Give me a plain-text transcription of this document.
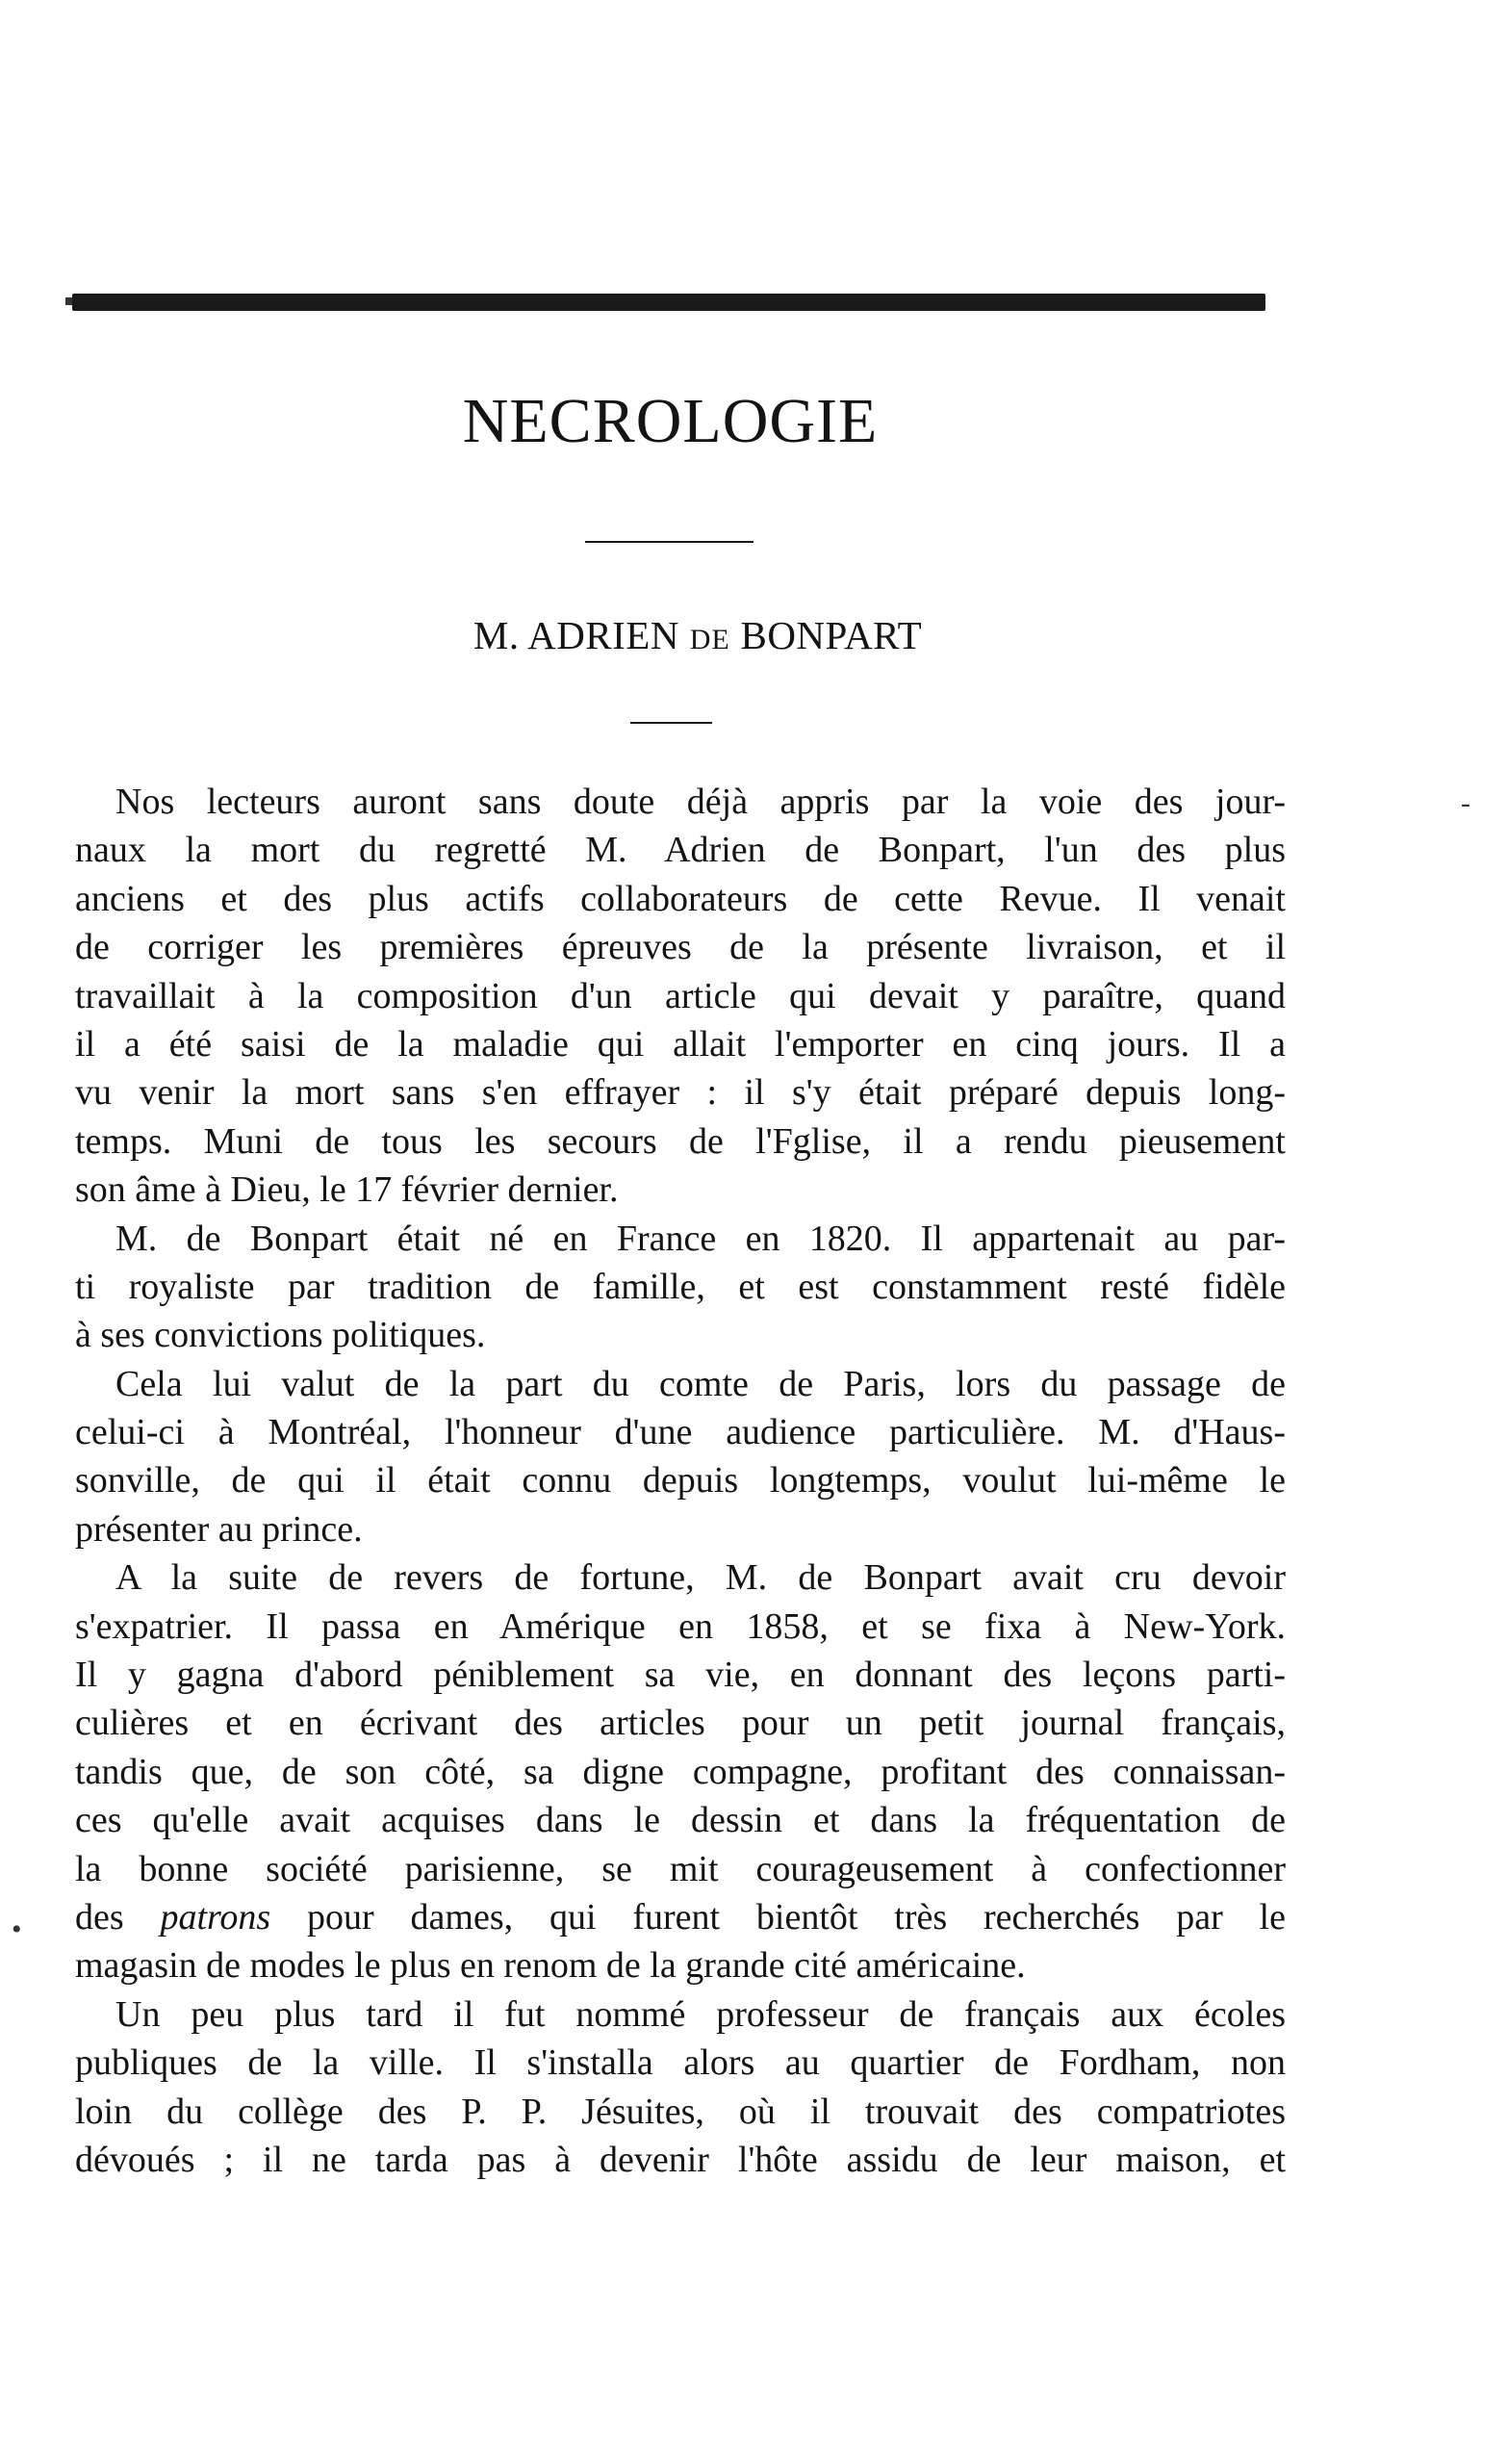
NECROLOGIE
M. ADRIEN DE BONPART
-
•
Nos lecteurs auront sans doute déjà appris par la voie des jour-
naux la mort du regretté M. Adrien de Bonpart, l'un des plus
anciens et des plus actifs collaborateurs de cette Revue. Il venait
de corriger les premières épreuves de la présente livraison, et il
travaillait à la composition d'un article qui devait y paraître, quand
il a été saisi de la maladie qui allait l'emporter en cinq jours. Il a
vu venir la mort sans s'en effrayer : il s'y était préparé depuis long-
temps. Muni de tous les secours de l'Fglise, il a rendu pieusement
son âme à Dieu, le 17 février dernier.
M. de Bonpart était né en France en 1820. Il appartenait au par-
ti royaliste par tradition de famille, et est constamment resté fidèle
à ses convictions politiques.
Cela lui valut de la part du comte de Paris, lors du passage de
celui-ci à Montréal, l'honneur d'une audience particulière. M. d'Haus-
sonville, de qui il était connu depuis longtemps, voulut lui-même le
présenter au prince.
A la suite de revers de fortune, M. de Bonpart avait cru devoir
s'expatrier. Il passa en Amérique en 1858, et se fixa à New-York.
Il y gagna d'abord péniblement sa vie, en donnant des leçons parti-
culières et en écrivant des articles pour un petit journal français,
tandis que, de son côté, sa digne compagne, profitant des connaissan-
ces qu'elle avait acquises dans le dessin et dans la fréquentation de
la bonne société parisienne, se mit courageusement à confectionner
des patrons pour dames, qui furent bientôt très recherchés par le
magasin de modes le plus en renom de la grande cité américaine.
Un peu plus tard il fut nommé professeur de français aux écoles
publiques de la ville. Il s'installa alors au quartier de Fordham, non
loin du collège des P. P. Jésuites, où il trouvait des compatriotes
dévoués ; il ne tarda pas à devenir l'hôte assidu de leur maison, et
